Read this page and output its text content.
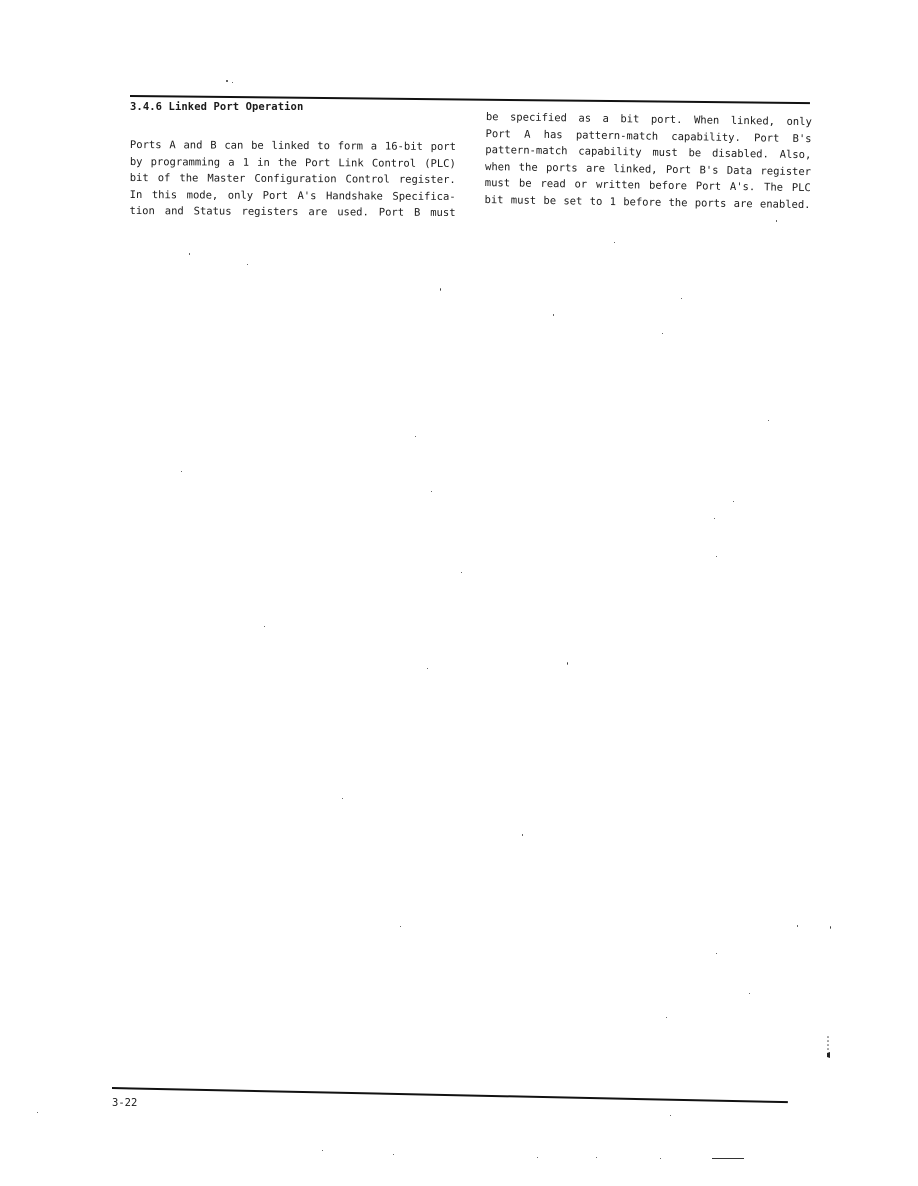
3.4.6 Linked Port Operation
Ports A and B can be linked to form a 16-bit port
by programming a 1 in the Port Link Control (PLC)
bit of the Master Configuration Control register.
In this mode, only Port A's Handshake Specifica-
tion and Status registers are used. Port B must
be specified as a bit port. When linked, only
Port A has pattern-match capability. Port B's
pattern-match capability must be disabled. Also,
when the ports are linked, Port B's Data register
must be read or written before Port A's. The PLC
bit must be set to 1 before the ports are enabled.
3-22
